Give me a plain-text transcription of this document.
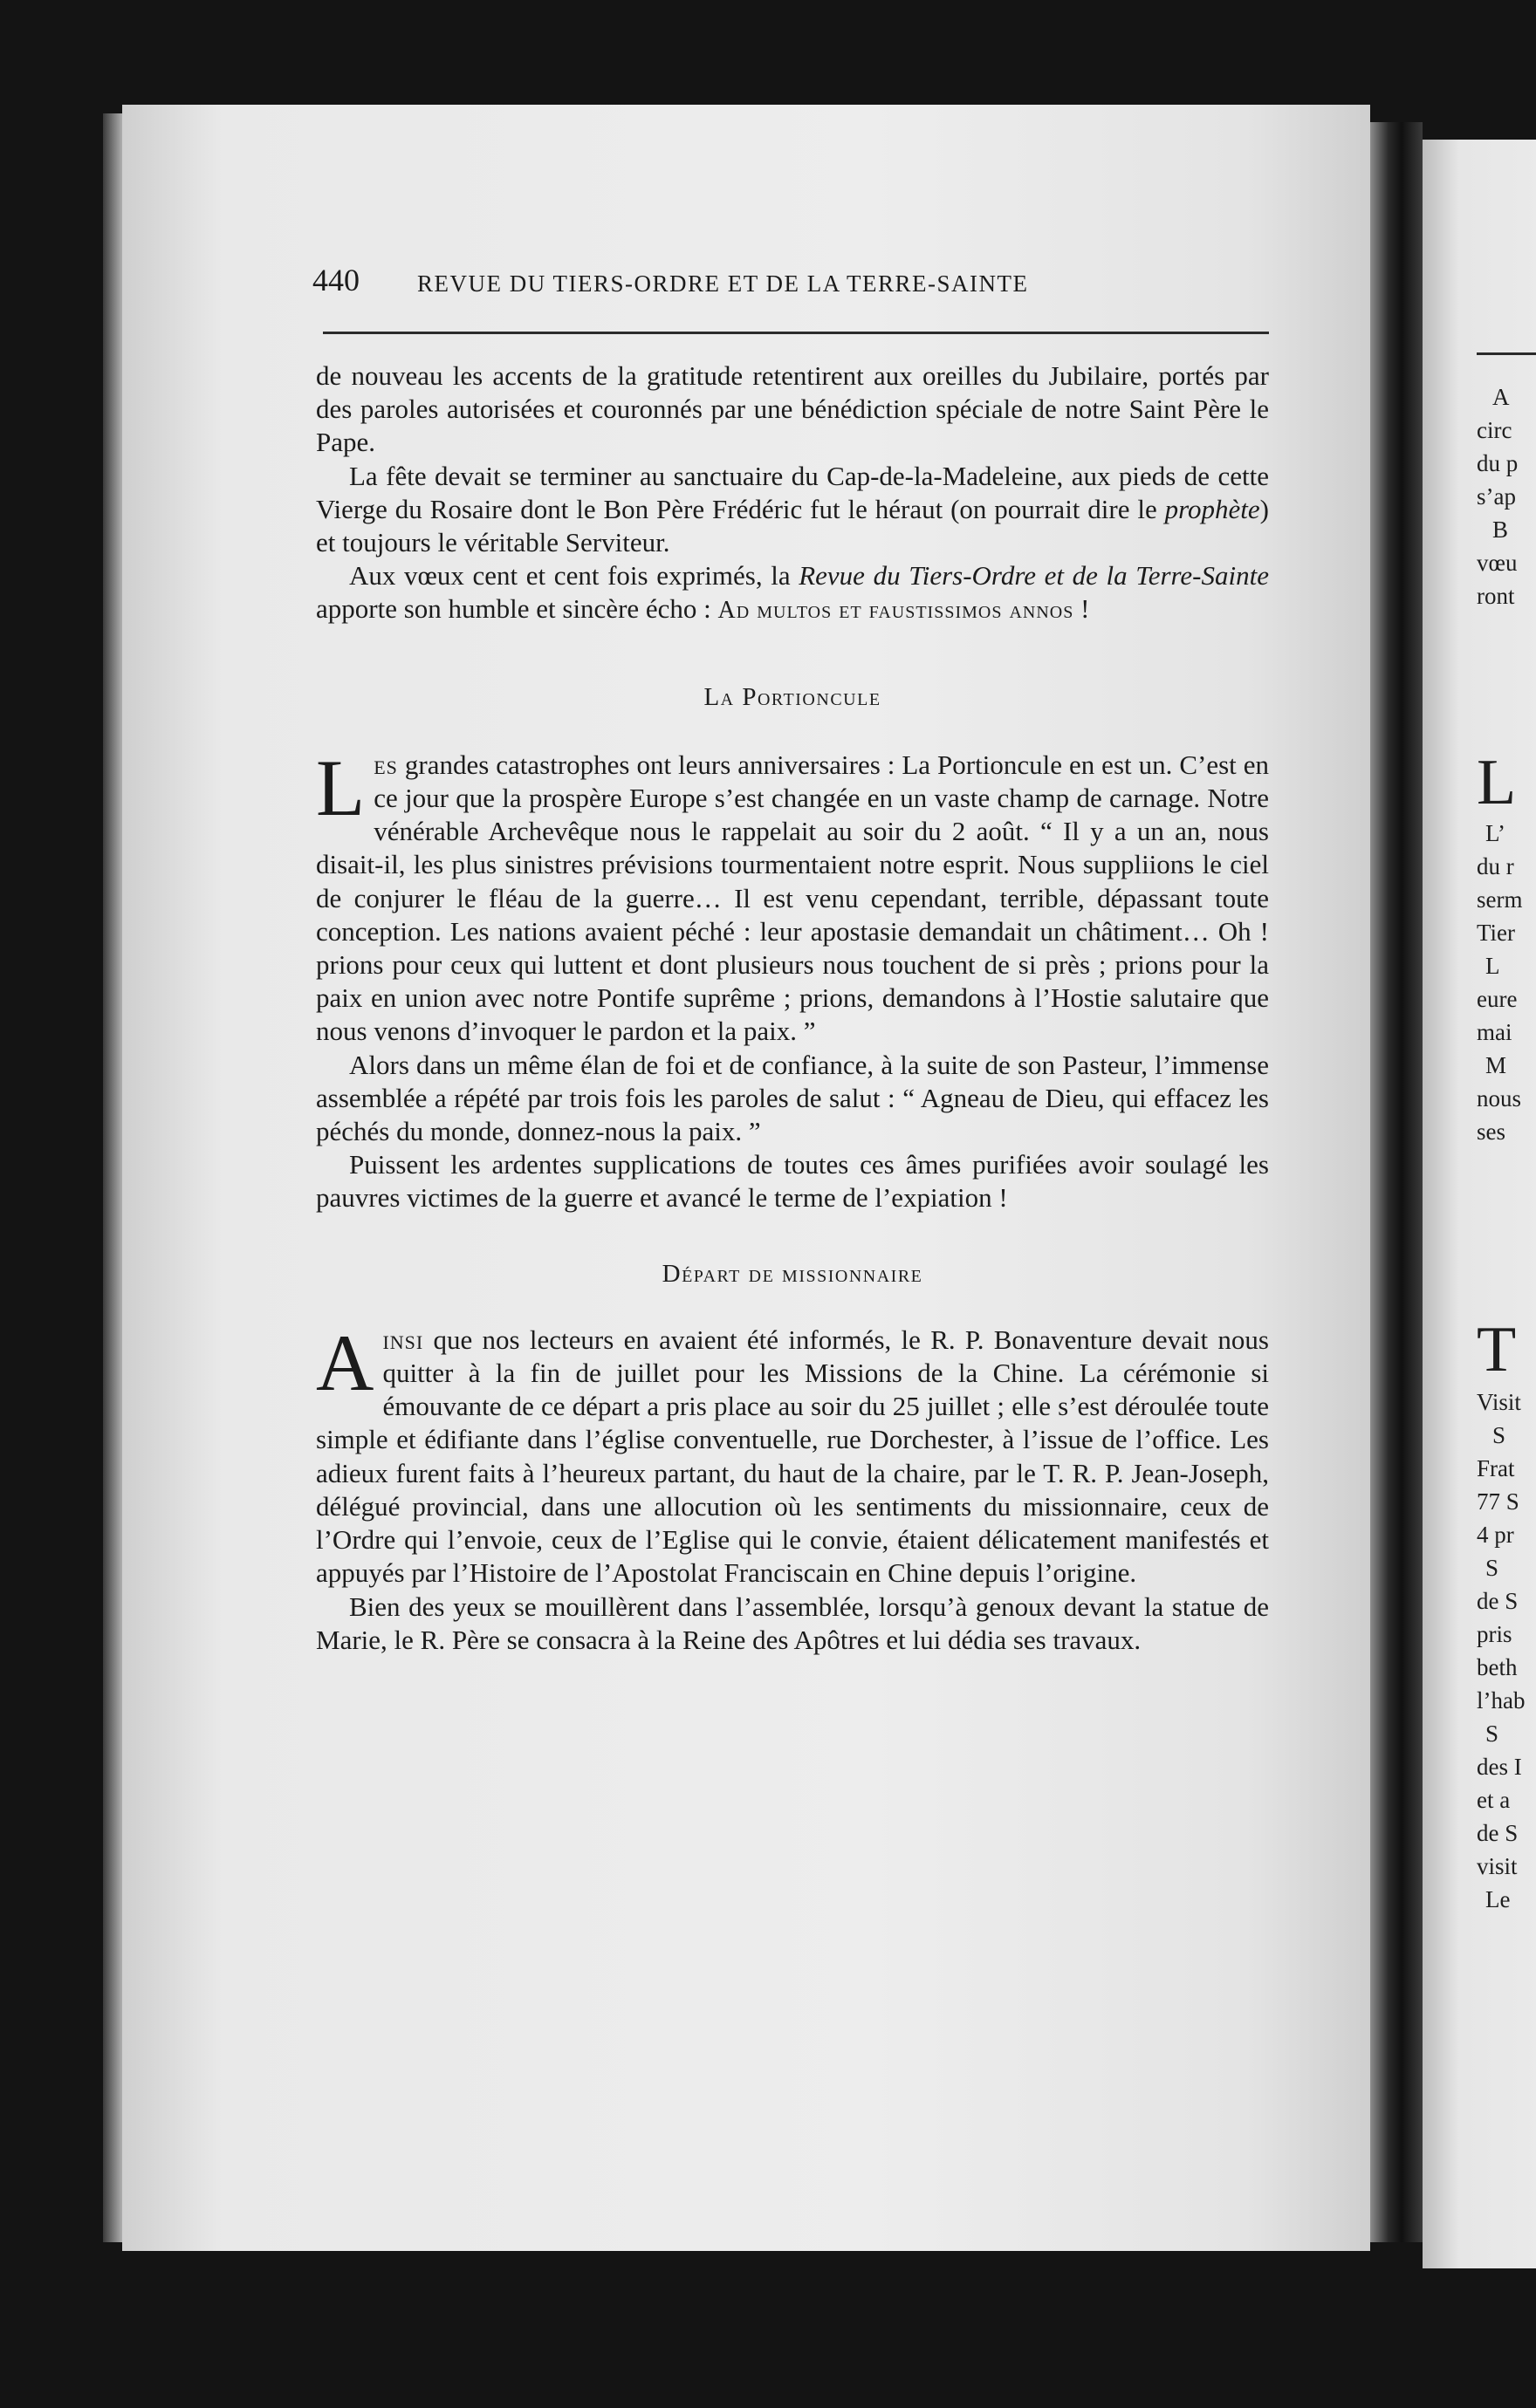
A
circ
du p
s’ap
B
vœu
ront
L
L’
du r
serm
Tier
L
eure
mai
M
nous
ses
T
Visit
S
Frat
77 S
4 pr
S
de S
pris
beth
l’hab
S
des I
et a
de S
visit
Le
440 REVUE DU TIERS-ORDRE ET DE LA TERRE-SAINTE

de nouveau les accents de la gratitude retentirent aux oreilles du Jubilaire, portés par des paroles autorisées et couronnés par une bénédiction spéciale de notre Saint Père le Pape.

La fête devait se terminer au sanctuaire du Cap-de-la-Madeleine, aux pieds de cette Vierge du Rosaire dont le Bon Père Frédéric fut le héraut (on pourrait dire le prophète) et toujours le véritable Serviteur.

Aux vœux cent et cent fois exprimés, la Revue du Tiers-Ordre et de la Terre-Sainte apporte son humble et sincère écho : Ad multos et faustissimos annos !

La Portioncule

Les grandes catastrophes ont leurs anniversaires : La Portioncule en est un. C’est en ce jour que la prospère Europe s’est changée en un vaste champ de carnage. Notre vénérable Archevêque nous le rappelait au soir du 2 août. “ Il y a un an, nous disait-il, les plus sinistres prévisions tourmentaient notre esprit. Nous suppliions le ciel de conjurer le fléau de la guerre… Il est venu cependant, terrible, dépassant toute conception. Les nations avaient péché : leur apostasie demandait un châtiment… Oh ! prions pour ceux qui luttent et dont plusieurs nous touchent de si près ; prions pour la paix en union avec notre Pontife suprême ; prions, demandons à l’Hostie salutaire que nous venons d’invoquer le pardon et la paix. ”

Alors dans un même élan de foi et de confiance, à la suite de son Pasteur, l’immense assemblée a répété par trois fois les paroles de salut : “ Agneau de Dieu, qui effacez les péchés du monde, donnez-nous la paix. ”

Puissent les ardentes supplications de toutes ces âmes purifiées avoir soulagé les pauvres victimes de la guerre et avancé le terme de l’expiation !

Départ de missionnaire

Ainsi que nos lecteurs en avaient été informés, le R. P. Bonaventure devait nous quitter à la fin de juillet pour les Missions de la Chine. La cérémonie si émouvante de ce départ a pris place au soir du 25 juillet ; elle s’est déroulée toute simple et édifiante dans l’église conventuelle, rue Dorchester, à l’issue de l’office. Les adieux furent faits à l’heureux partant, du haut de la chaire, par le T. R. P. Jean-Joseph, délégué provincial, dans une allocution où les sentiments du missionnaire, ceux de l’Ordre qui l’envoie, ceux de l’Eglise qui le convie, étaient délicatement manifestés et appuyés par l’Histoire de l’Apostolat Franciscain en Chine depuis l’origine.

Bien des yeux se mouillèrent dans l’assemblée, lorsqu’à genoux devant la statue de Marie, le R. Père se consacra à la Reine des Apôtres et lui dédia ses travaux.
